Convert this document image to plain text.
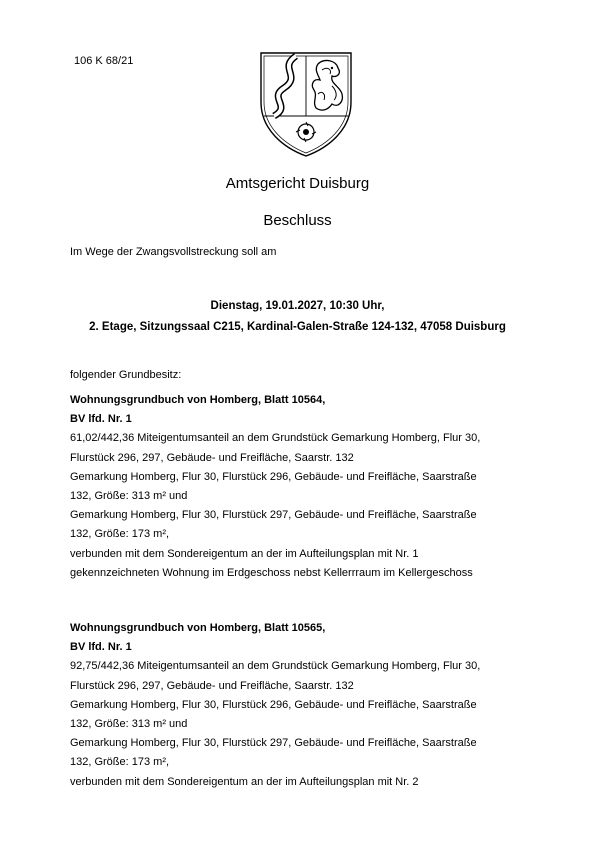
106 K 68/21
Amtsgericht Duisburg
Beschluss
Im Wege der Zwangsvollstreckung soll am
Dienstag, 19.01.2027, 10:30 Uhr,
2. Etage, Sitzungssaal C215, Kardinal-Galen-Straße 124-132, 47058 Duisburg
folgender Grundbesitz:
Wohnungsgrundbuch von Homberg, Blatt 10564,
BV lfd. Nr. 1
61,02/442,36 Miteigentumsanteil an dem Grundstück Gemarkung Homberg, Flur 30,
Flurstück 296, 297, Gebäude- und Freifläche, Saarstr. 132
Gemarkung Homberg, Flur 30, Flurstück 296, Gebäude- und Freifläche, Saarstraße
132, Größe: 313 m² und
Gemarkung Homberg, Flur 30, Flurstück 297, Gebäude- und Freifläche, Saarstraße
132, Größe: 173 m²,
verbunden mit dem Sondereigentum an der im Aufteilungsplan mit Nr. 1
gekennzeichneten Wohnung im Erdgeschoss nebst Kellerrraum im Kellergeschoss
Wohnungsgrundbuch von Homberg, Blatt 10565,
BV lfd. Nr. 1
92,75/442,36 Miteigentumsanteil an dem Grundstück Gemarkung Homberg, Flur 30,
Flurstück 296, 297, Gebäude- und Freifläche, Saarstr. 132
Gemarkung Homberg, Flur 30, Flurstück 296, Gebäude- und Freifläche, Saarstraße
132, Größe: 313 m² und
Gemarkung Homberg, Flur 30, Flurstück 297, Gebäude- und Freifläche, Saarstraße
132, Größe: 173 m²,
verbunden mit dem Sondereigentum an der im Aufteilungsplan mit Nr. 2
